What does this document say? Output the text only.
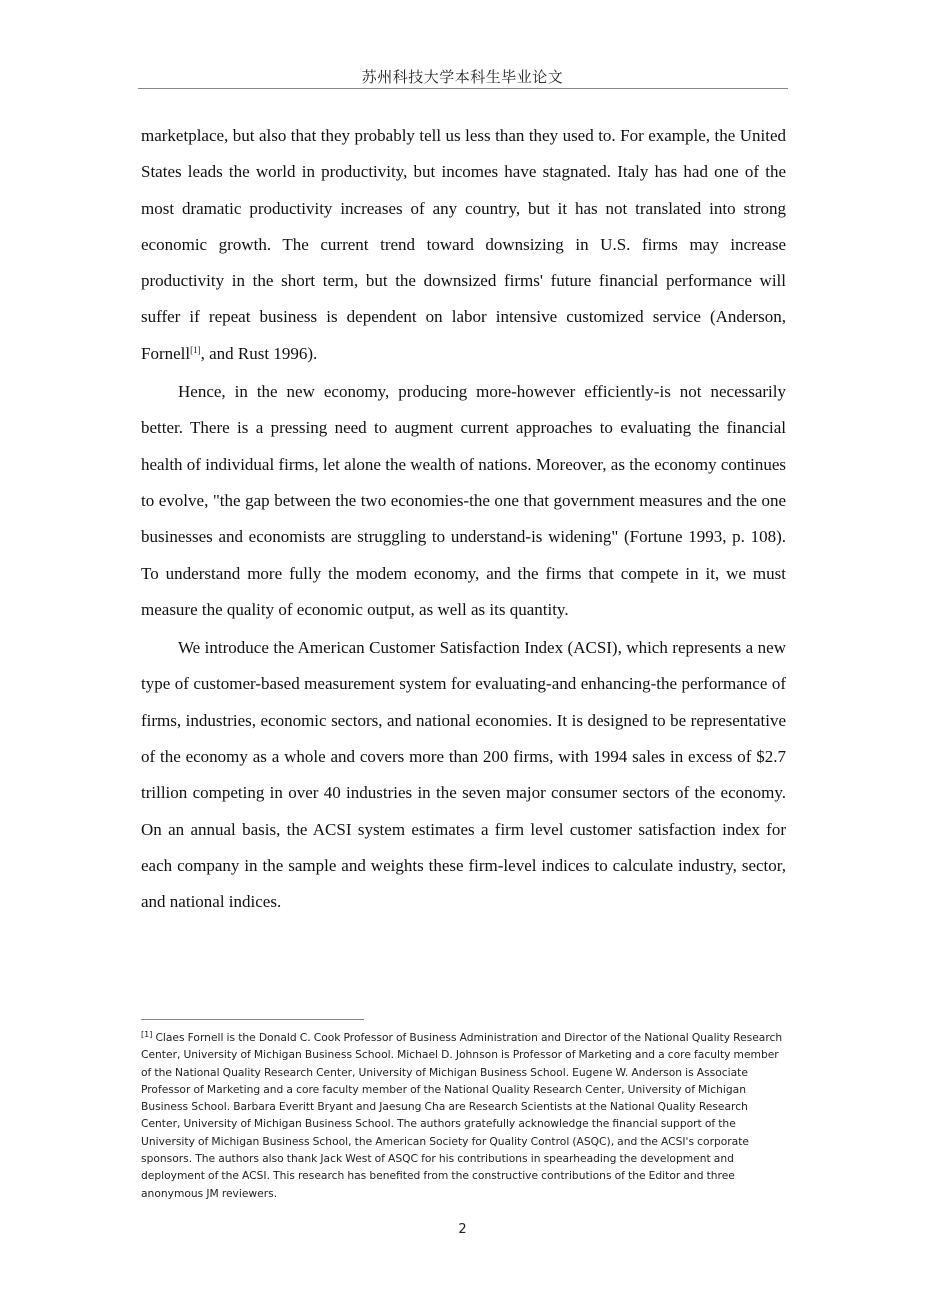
苏州科技大学本科生毕业论文

marketplace, but also that they probably tell us less than they used to. For example, the United States leads the world in productivity, but incomes have stagnated. Italy has had one of the most dramatic productivity increases of any country, but it has not translated into strong economic growth. The current trend toward downsizing in U.S. firms may increase productivity in the short term, but the downsized firms' future financial performance will suffer if repeat business is dependent on labor intensive customized service (Anderson, Fornell[1], and Rust 1996).

Hence, in the new economy, producing more-however efficiently-is not necessarily better. There is a pressing need to augment current approaches to evaluating the financial health of individual firms, let alone the wealth of nations. Moreover, as the economy continues to evolve, "the gap between the two economies-the one that government measures and the one businesses and economists are struggling to understand-is widening" (Fortune 1993, p. 108). To understand more fully the modem economy, and the firms that compete in it, we must measure the quality of economic output, as well as its quantity.

We introduce the American Customer Satisfaction Index (ACSI), which represents a new type of customer-based measurement system for evaluating-and enhancing-the performance of firms, industries, economic sectors, and national economies. It is designed to be representative of the economy as a whole and covers more than 200 firms, with 1994 sales in excess of $2.7 trillion competing in over 40 industries in the seven major consumer sectors of the economy. On an annual basis, the ACSI system estimates a firm level customer satisfaction index for each company in the sample and weights these firm-level indices to calculate industry, sector, and national indices.

[1] Claes Fornell is the Donald C. Cook Professor of Business Administration and Director of the National Quality Research Center, University of Michigan Business School. Michael D. Johnson is Professor of Marketing and a core faculty member of the National Quality Research Center, University of Michigan Business School. Eugene W. Anderson is Associate Professor of Marketing and a core faculty member of the National Quality Research Center, University of Michigan Business School. Barbara Everitt Bryant and Jaesung Cha are Research Scientists at the National Quality Research Center, University of Michigan Business School. The authors gratefully acknowledge the financial support of the University of Michigan Business School, the American Society for Quality Control (ASQC), and the ACSI's corporate sponsors. The authors also thank Jack West of ASQC for his contributions in spearheading the development and deployment of the ACSI. This research has benefited from the constructive contributions of the Editor and three anonymous JM reviewers.
2
